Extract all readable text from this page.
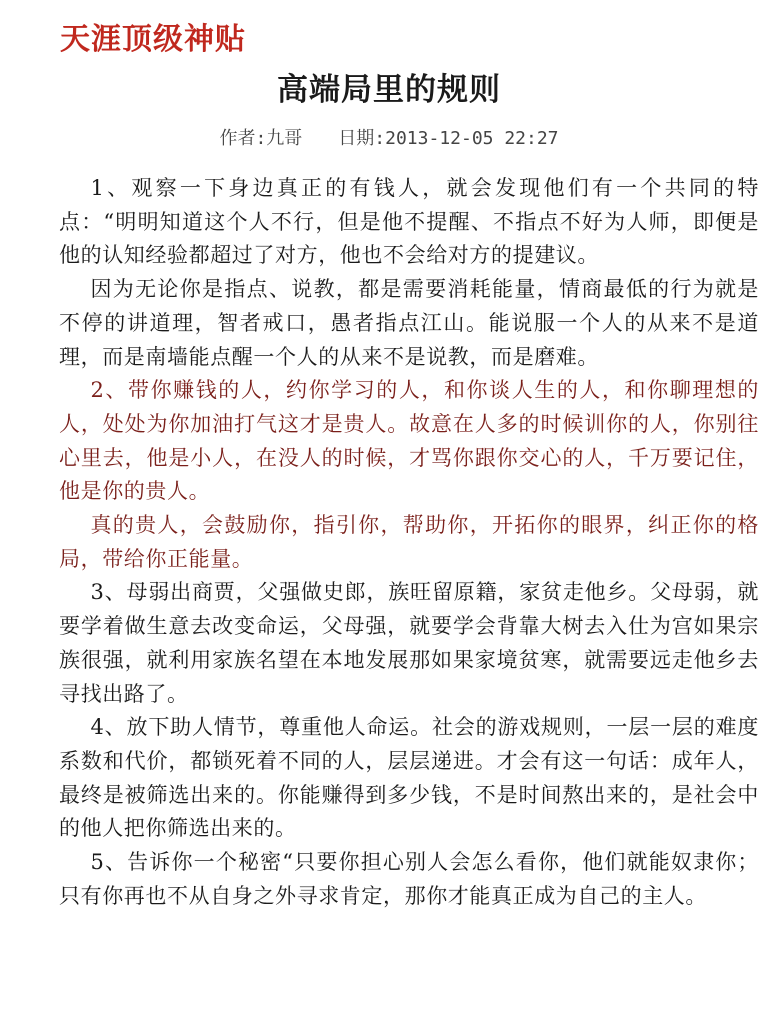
天涯顶级神贴
高端局里的规则
作者:九哥 日期:2013-12-05 22:27

1、观察一下身边真正的有钱人，就会发现他们有一个共同的特点：“明明知道这个人不行，但是他不提醒、不指点不好为人师，即便是他的认知经验都超过了对方，他也不会给对方的提建议。

因为无论你是指点、说教，都是需要消耗能量，情商最低的行为就是不停的讲道理，智者戒口，愚者指点江山。能说服一个人的从来不是道理，而是南墙能点醒一个人的从来不是说教，而是磨难。

2、带你赚钱的人，约你学习的人，和你谈人生的人，和你聊理想的人，处处为你加油打气这才是贵人。故意在人多的时候训你的人，你别往心里去，他是小人，在没人的时候，才骂你跟你交心的人，千万要记住，他是你的贵人。

真的贵人，会鼓励你，指引你，帮助你，开拓你的眼界，纠正你的格局，带给你正能量。

3、母弱出商贾，父强做史郎，族旺留原籍，家贫走他乡。父母弱，就要学着做生意去改变命运，父母强，就要学会背靠大树去入仕为宫如果宗族很强，就利用家族名望在本地发展那如果家境贫寒，就需要远走他乡去寻找出路了。

4、放下助人情节，尊重他人命运。社会的游戏规则，一层一层的难度系数和代价，都锁死着不同的人，层层递进。才会有这一句话：成年人，最终是被筛选出来的。你能赚得到多少钱，不是时间熬出来的，是社会中的他人把你筛选出来的。

5、告诉你一个秘密“只要你担心别人会怎么看你，他们就能奴隶你；只有你再也不从自身之外寻求肯定，那你才能真正成为自己的主人。
